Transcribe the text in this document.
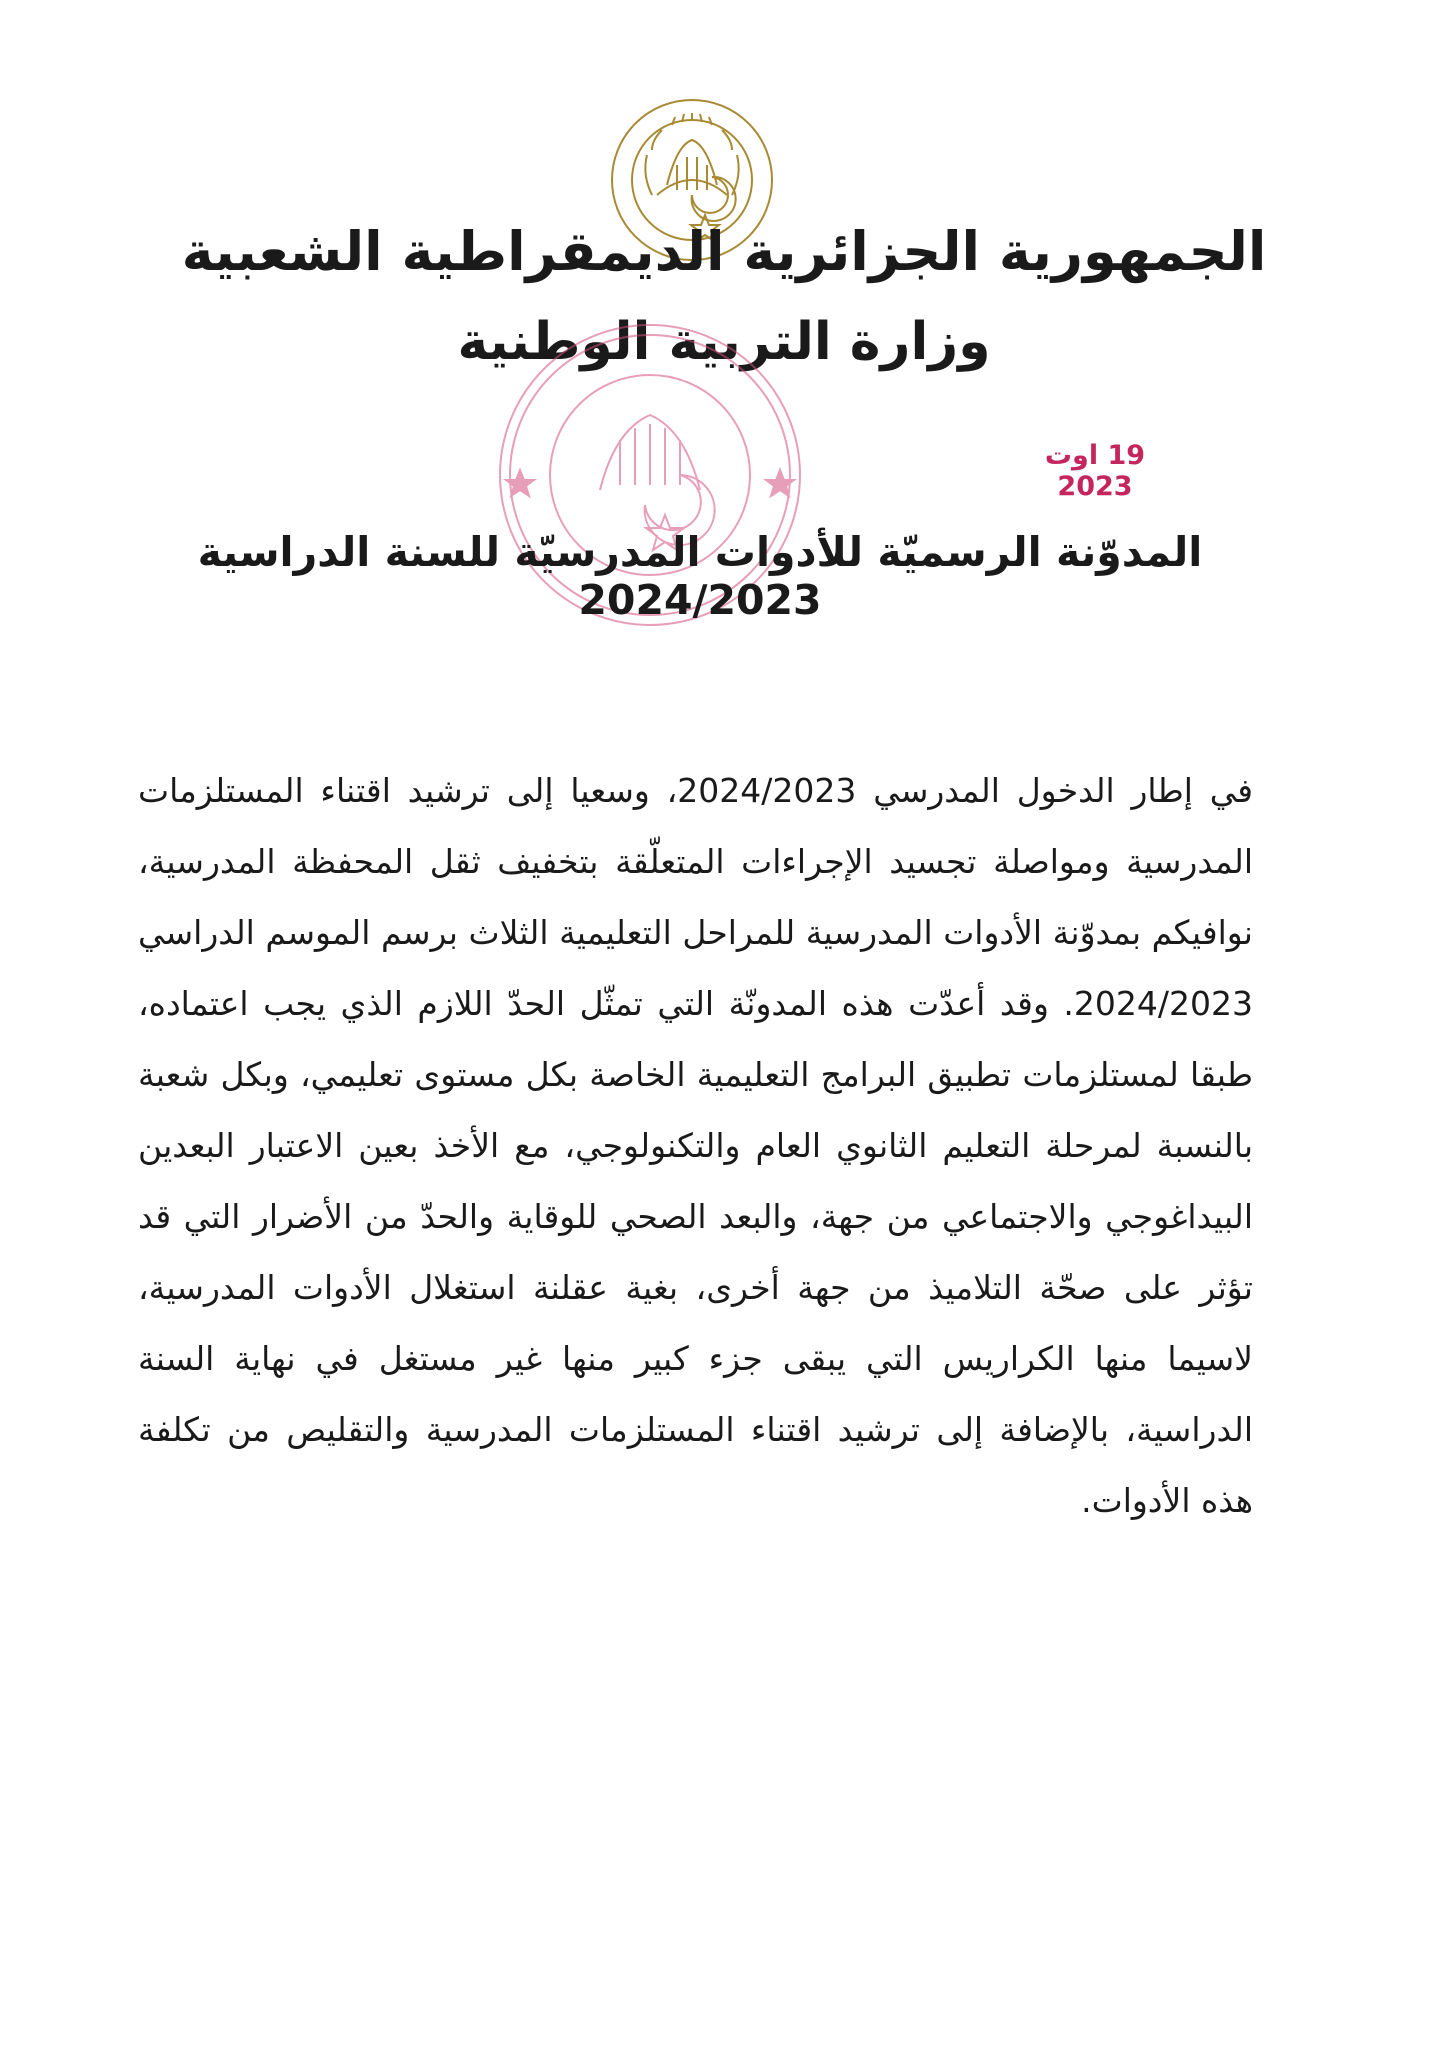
الجمهورية الجزائرية الديمقراطية الشعبية
وزارة التربية الوطنية
19 اوت 2023
المدوّنة الرسميّة للأدوات المدرسيّة للسنة الدراسية 2024/2023
في إطار الدخول المدرسي 2024/2023، وسعيا إلى ترشيد اقتناء المستلزمات المدرسية ومواصلة تجسيد الإجراءات المتعلّقة بتخفيف ثقل المحفظة المدرسية، نوافيكم بمدوّنة الأدوات المدرسية للمراحل التعليمية الثلاث برسم الموسم الدراسي 2024/2023. وقد أعدّت هذه المدونّة التي تمثّل الحدّ اللازم الذي يجب اعتماده، طبقا لمستلزمات تطبيق البرامج التعليمية الخاصة بكل مستوى تعليمي، وبكل شعبة بالنسبة لمرحلة التعليم الثانوي العام والتكنولوجي، مع الأخذ بعين الاعتبار البعدين البيداغوجي والاجتماعي من جهة، والبعد الصحي للوقاية والحدّ من الأضرار التي قد تؤثر على صحّة التلاميذ من جهة أخرى، بغية عقلنة استغلال الأدوات المدرسية، لاسيما منها الكراريس التي يبقى جزء كبير منها غير مستغل في نهاية السنة الدراسية، بالإضافة إلى ترشيد اقتناء المستلزمات المدرسية والتقليص من تكلفة هذه الأدوات.
